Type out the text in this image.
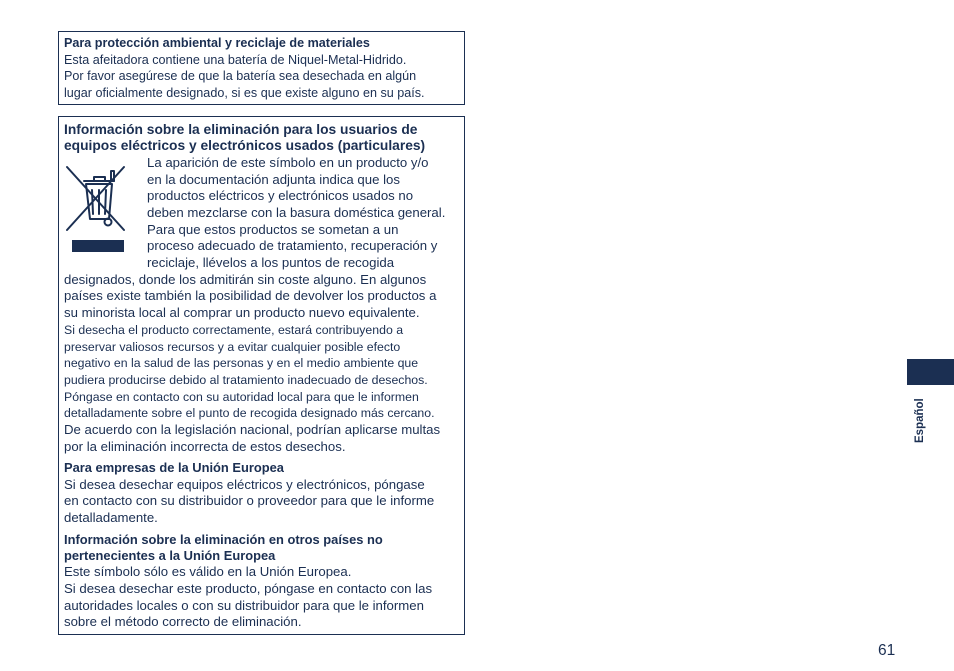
Para protección ambiental y reciclaje de materiales

Esta afeitadora contiene una batería de Niquel-Metal-Hidrido.

Por favor asegúrese de que la batería sea desechada en algún

lugar oficialmente designado, si es que existe alguno en su país.

Información sobre la eliminación para los usuarios de

equipos eléctricos y electrónicos usados (particulares)

La aparición de este símbolo en un producto y/o

en la documentación adjunta indica que los

productos eléctricos y electrónicos usados no

deben mezclarse con la basura doméstica general.

Para que estos productos se sometan a un

proceso adecuado de tratamiento, recuperación y

reciclaje, llévelos a los puntos de recogida

designados, donde los admitirán sin coste alguno. En algunos

países existe también la posibilidad de devolver los productos a

su minorista local al comprar un producto nuevo equivalente.

Si desecha el producto correctamente, estará contribuyendo a

preservar valiosos recursos y a evitar cualquier posible efecto

negativo en la salud de las personas y en el medio ambiente que

pudiera producirse debido al tratamiento inadecuado de desechos.

Póngase en contacto con su autoridad local para que le informen

detalladamente sobre el punto de recogida designado más cercano.

De acuerdo con la legislación nacional, podrían aplicarse multas

por la eliminación incorrecta de estos desechos.

Para empresas de la Unión Europea

Si desea desechar equipos eléctricos y electrónicos, póngase

en contacto con su distribuidor o proveedor para que le informe

detalladamente.

Información sobre la eliminación en otros países no

pertenecientes a la Unión Europea

Este símbolo sólo es válido en la Unión Europea.

Si desea desechar este producto, póngase en contacto con las

autoridades locales o con su distribuidor para que le informen

sobre el método correcto de eliminación.

Español
61
